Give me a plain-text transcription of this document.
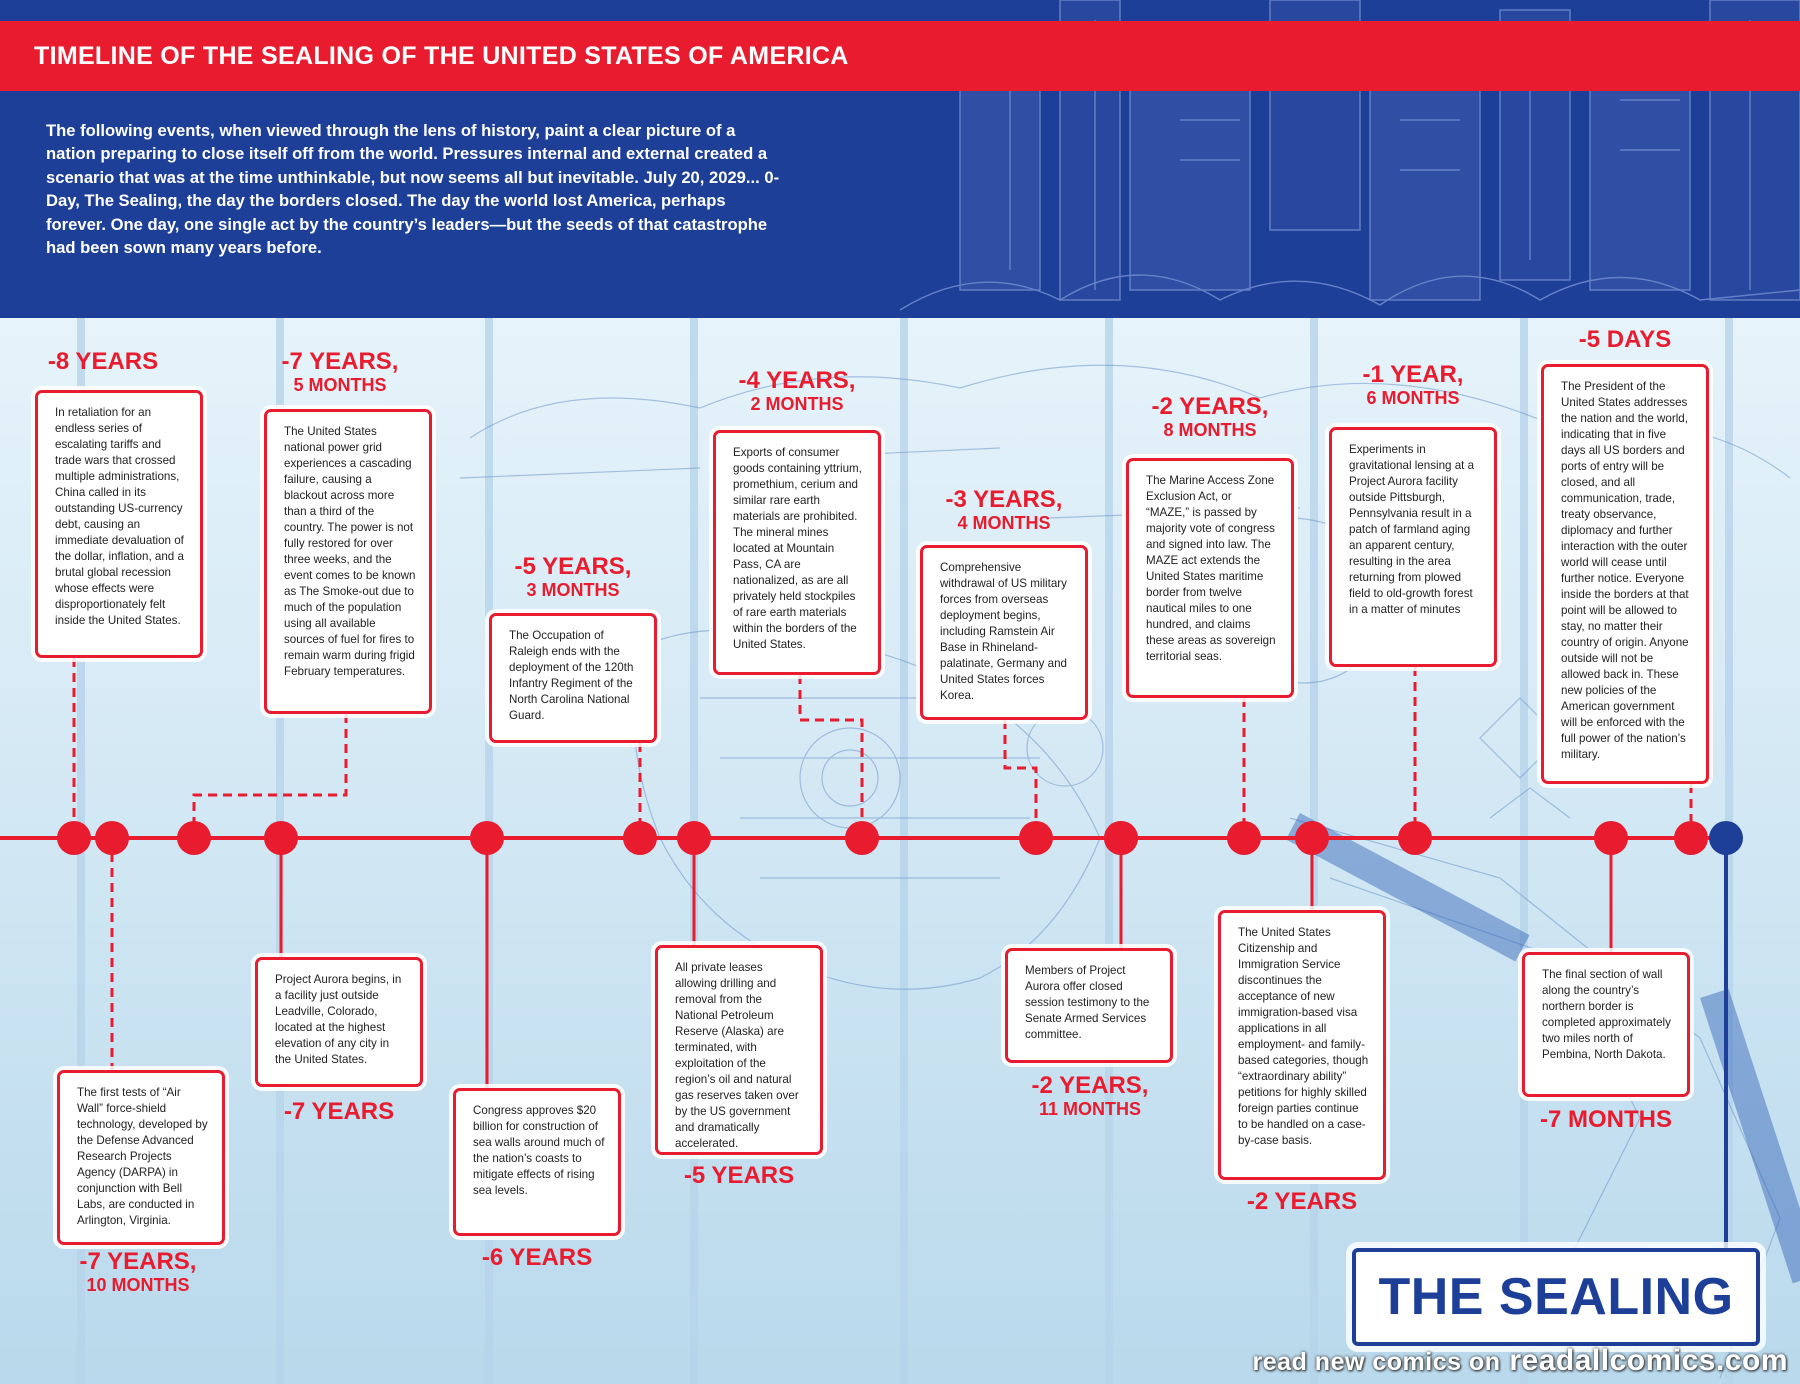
TIMELINE OF THE SEALING OF THE UNITED STATES OF AMERICA
The following events, when viewed through the lens of history, paint a clear picture of a nation preparing to close itself off from the world. Pressures internal and external created a scenario that was at the time unthinkable, but now seems all but inevitable. July 20, 2029... 0-Day, The Sealing, the day the borders closed. The day the world lost America, perhaps forever. One day, one single act by the country’s leaders—but the seeds of that catastrophe had been sown many years before.
-8 YEARS
-7 YEARS,
10 MONTHS
-7 YEARS,
5 MONTHS
-7 YEARS
-6 YEARS
-5 YEARS,
3 MONTHS
-5 YEARS
-4 YEARS,
2 MONTHS
-3 YEARS,
4 MONTHS
-2 YEARS,
11 MONTHS
-2 YEARS,
8 MONTHS
-2 YEARS
-1 YEAR,
6 MONTHS
-7 MONTHS
-5 DAYS
In retaliation for an endless series of escalating tariffs and trade wars that crossed multiple administrations, China called in its outstanding US-currency debt, causing an immediate devaluation of the dollar, inflation, and a brutal global recession whose effects were disproportionately felt inside the United States.
The first tests of “Air Wall” force-shield technology, developed by the Defense Advanced Research Projects Agency (DARPA) in conjunction with Bell Labs, are conducted in Arlington, Virginia.
The United States national power grid experiences a cascading failure, causing a blackout across more than a third of the country. The power is not fully restored for over three weeks, and the event comes to be known as The Smoke-out due to much of the population using all available sources of fuel for fires to remain warm during frigid February temperatures.
Project Aurora begins, in a facility just outside Leadville, Colorado, located at the highest elevation of any city in the United States.
Congress approves $20 billion for construction of sea walls around much of the nation’s coasts to mitigate effects of rising sea levels.
The Occupation of Raleigh ends with the deployment of the 120th Infantry Regiment of the North Carolina National Guard.
All private leases allowing drilling and removal from the National Petroleum Reserve (Alaska) are terminated, with exploitation of the region’s oil and natural gas reserves taken over by the US government and dramatically accelerated.
Exports of consumer goods containing yttrium, promethium, cerium and similar rare earth materials are prohibited. The mineral mines located at Mountain Pass, CA are nationalized, as are all privately held stockpiles of rare earth materials within the borders of the United States.
Comprehensive withdrawal of US military forces from overseas deployment begins, including Ramstein Air Base in Rhineland-palatinate, Germany and United States forces Korea.
Members of Project Aurora offer closed session testimony to the Senate Armed Services committee.
The Marine Access Zone Exclusion Act, or “MAZE,” is passed by majority vote of congress and signed into law. The MAZE act extends the United States maritime border from twelve nautical miles to one hundred, and claims these areas as sovereign territorial seas.
The United States Citizenship and Immigration Service discontinues the acceptance of new immigration-based visa applications in all employment- and family-based categories, though “extraordinary ability” petitions for highly skilled foreign parties continue to be handled on a case-by-case basis.
Experiments in gravitational lensing at a Project Aurora facility outside Pittsburgh, Pennsylvania result in a patch of farmland aging an apparent century, resulting in the area returning from plowed field to old-growth forest in a matter of minutes
The final section of wall along the country’s northern border is completed approximately two miles north of Pembina, North Dakota.
The President of the United States addresses the nation and the world, indicating that in five days all US borders and ports of entry will be closed, and all communication, trade, treaty observance, diplomacy and further interaction with the outer world will cease until further notice. Everyone inside the borders at that point will be allowed to stay, no matter their country of origin. Anyone outside will not be allowed back in. These new policies of the American government will be enforced with the full power of the nation’s military.
THE SEALING
read new comics on readallcomics.com
